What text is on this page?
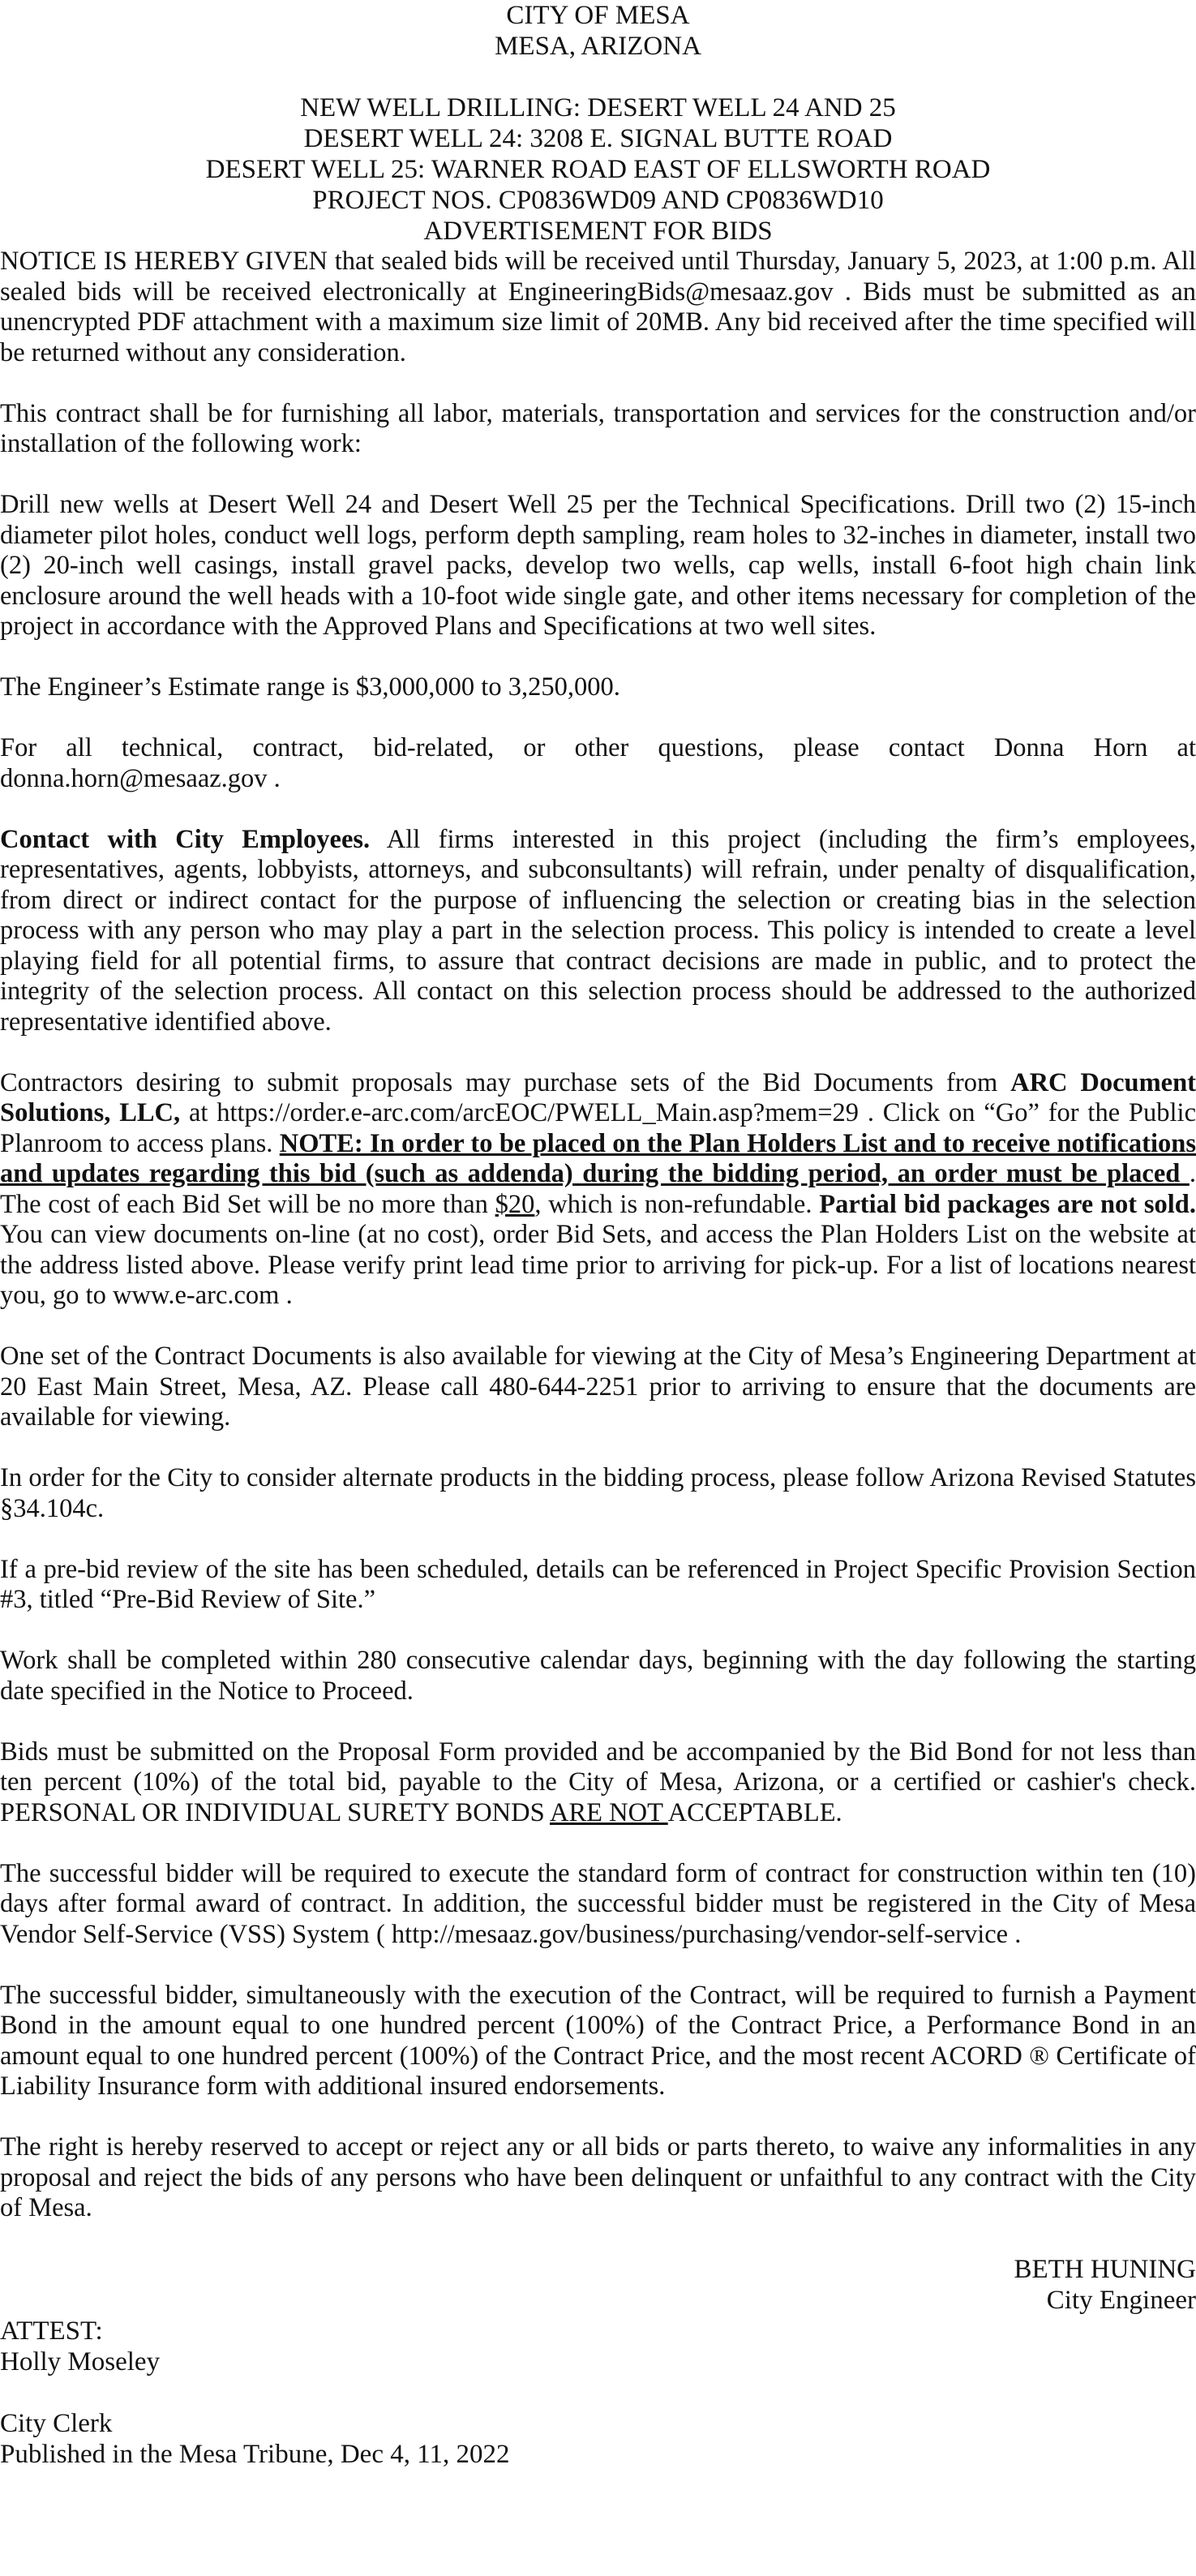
CITY OF MESA

MESA, ARIZONA

NEW WELL DRILLING: DESERT WELL 24 AND 25

DESERT WELL 24: 3208 E. SIGNAL BUTTE ROAD

DESERT WELL 25: WARNER ROAD EAST OF ELLSWORTH ROAD

PROJECT NOS. CP0836WD09 AND CP0836WD10

ADVERTISEMENT FOR BIDS

NOTICE IS HEREBY GIVEN that sealed bids will be received until Thursday, January 5, 2023, at 1:00 p.m. All sealed bids will be received electronically at EngineeringBids@mesaaz.gov . Bids must be submitted as an unencrypted PDF attachment with a maximum size limit of 20MB. Any bid received after the time specified will be returned without any consideration.

This contract shall be for furnishing all labor, materials, transportation and services for the construction and/or installation of the following work:

Drill new wells at Desert Well 24 and Desert Well 25 per the Technical Specifications. Drill two (2) 15-inch diameter pilot holes, conduct well logs, perform depth sampling, ream holes to 32-inches in diameter, install two (2) 20-inch well casings, install gravel packs, develop two wells, cap wells, install 6-foot high chain link enclosure around the well heads with a 10-foot wide single gate, and other items necessary for completion of the project in accordance with the Approved Plans and Specifications at two well sites.

The Engineer’s Estimate range is $3,000,000 to 3,250,000.

For all technical, contract, bid-related, or other questions, please contact Donna Horn at donna.horn@mesaaz.gov .

Contact with City Employees. All firms interested in this project (including the firm’s employees, representatives, agents, lobbyists, attorneys, and subconsultants) will refrain, under penalty of disqualification, from direct or indirect contact for the purpose of influencing the selection or creating bias in the selection process with any person who may play a part in the selection process. This policy is intended to create a level playing field for all potential firms, to assure that contract decisions are made in public, and to protect the integrity of the selection process. All contact on this selection process should be addressed to the authorized representative identified above.

Contractors desiring to submit proposals may purchase sets of the Bid Documents from ARC Document Solutions, LLC, at https://order.e-arc.com/arcEOC/PWELL_Main.asp?mem=29 . Click on “Go” for the Public Planroom to access plans. NOTE: In order to be placed on the Plan Holders List and to receive notifications and updates regarding this bid (such as addenda) during the bidding period, an order must be placed . The cost of each Bid Set will be no more than $20, which is non-refundable. Partial bid packages are not sold. You can view documents on-line (at no cost), order Bid Sets, and access the Plan Holders List on the website at the address listed above. Please verify print lead time prior to arriving for pick-up. For a list of locations nearest you, go to www.e-arc.com .

One set of the Contract Documents is also available for viewing at the City of Mesa’s Engineering Department at 20 East Main Street, Mesa, AZ. Please call 480-644-2251 prior to arriving to ensure that the documents are available for viewing.

In order for the City to consider alternate products in the bidding process, please follow Arizona Revised Statutes §34.104c.

If a pre-bid review of the site has been scheduled, details can be referenced in Project Specific Provision Section #3, titled “Pre-Bid Review of Site.”

Work shall be completed within 280 consecutive calendar days, beginning with the day following the starting date specified in the Notice to Proceed.

Bids must be submitted on the Proposal Form provided and be accompanied by the Bid Bond for not less than ten percent (10%) of the total bid, payable to the City of Mesa, Arizona, or a certified or cashier's check. PERSONAL OR INDIVIDUAL SURETY BONDS ARE NOT ACCEPTABLE.

The successful bidder will be required to execute the standard form of contract for construction within ten (10) days after formal award of contract. In addition, the successful bidder must be registered in the City of Mesa Vendor Self-Service (VSS) System ( http://mesaaz.gov/business/purchasing/vendor-self-service .

The successful bidder, simultaneously with the execution of the Contract, will be required to furnish a Payment Bond in the amount equal to one hundred percent (100%) of the Contract Price, a Performance Bond in an amount equal to one hundred percent (100%) of the Contract Price, and the most recent ACORD ® Certificate of Liability Insurance form with additional insured endorsements.

The right is hereby reserved to accept or reject any or all bids or parts thereto, to waive any informalities in any proposal and reject the bids of any persons who have been delinquent or unfaithful to any contract with the City of Mesa.

BETH HUNING

City Engineer

ATTEST:

Holly Moseley

City Clerk

Published in the Mesa Tribune, Dec 4, 11, 2022
